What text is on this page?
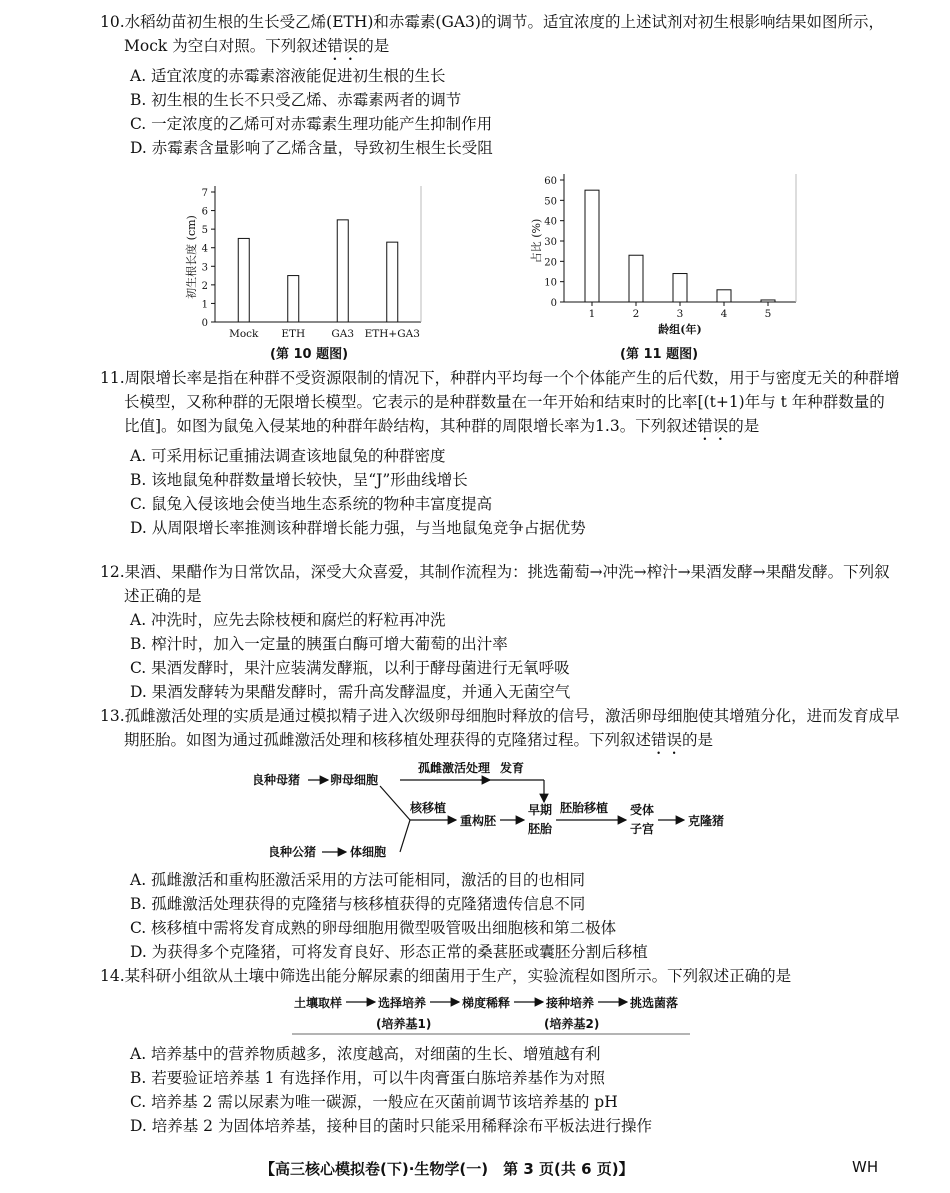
10.水稻幼苗初生根的生长受乙烯(ETH)和赤霉素(GA3)的调节。适宜浓度的上述试剂对初生根影响结果如图所示，Mock 为空白对照。下列叙述错误的是
A. 适宜浓度的赤霉素溶液能促进初生根的生长
B. 初生根的生长不只受乙烯、赤霉素两者的调节
C. 一定浓度的乙烯可对赤霉素生理功能产生抑制作用
D. 赤霉素含量影响了乙烯含量，导致初生根生长受阻
0
1
2
3
4
5
6
7
Mock ETH	GA3 ETH+GA3
初生根长度 (cm)
(第 10 题图)
0
10
20
30
40
50
60
1	2	3	4	5
占比 (%)
龄组(年)
(第 11 题图)
11.周限增长率是指在种群不受资源限制的情况下，种群内平均每一个个体能产生的后代数，用于与密度无关的种群增长模型，又称种群的无限增长模型。它表示的是种群数量在一年开始和结束时的比率[(t+1)年与 t 年种群数量的比值]。如图为鼠兔入侵某地的种群年龄结构，其种群的周限增长率为1.3。下列叙述错误的是
A. 可采用标记重捕法调查该地鼠兔的种群密度
B. 该地鼠兔种群数量增长较快，呈“J”形曲线增长
C. 鼠兔入侵该地会使当地生态系统的物种丰富度提高
D. 从周限增长率推测该种群增长能力强，与当地鼠兔竞争占据优势
12.果酒、果醋作为日常饮品，深受大众喜爱，其制作流程为：挑选葡萄→冲洗→榨汁→果酒发酵→果醋发酵。下列叙述正确的是
A. 冲洗时，应先去除枝梗和腐烂的籽粒再冲洗
B. 榨汁时，加入一定量的胰蛋白酶可增大葡萄的出汁率
C. 果酒发酵时，果汁应装满发酵瓶，以利于酵母菌进行无氧呼吸
D. 果酒发酵转为果醋发酵时，需升高发酵温度，并通入无菌空气
13.孤雌激活处理的实质是通过模拟精子进入次级卵母细胞时释放的信号，激活卵母细胞使其增殖分化，进而发育成早期胚胎。如图为通过孤雌激活处理和核移植处理获得的克隆猪过程。下列叙述错误的是
良种母猪 卵母细胞
孤雌激活处理 发育
核移植
重构胚
早期
胚胎
胚胎移植 受体
子宫
克隆猪
良种公猪	体细胞
A. 孤雌激活和重构胚激活采用的方法可能相同，激活的目的也相同
B. 孤雌激活处理获得的克隆猪与核移植获得的克隆猪遗传信息不同
C. 核移植中需将发育成熟的卵母细胞用微型吸管吸出细胞核和第二极体
D. 为获得多个克隆猪，可将发育良好、形态正常的桑葚胚或囊胚分割后移植
14.某科研小组欲从土壤中筛选出能分解尿素的细菌用于生产，实验流程如图所示。下列叙述正确的是
土壤取样	选择培养	梯度稀释	接种培养	挑选菌落
(培养基1)	(培养基2)
A. 培养基中的营养物质越多，浓度越高，对细菌的生长、增殖越有利
B. 若要验证培养基 1 有选择作用，可以牛肉膏蛋白胨培养基作为对照
C. 培养基 2 需以尿素为唯一碳源，一般应在灭菌前调节该培养基的 pH
D. 培养基 2 为固体培养基，接种目的菌时只能采用稀释涂布平板法进行操作
【高三核心模拟卷(下)·生物学(一)　第 3 页(共 6 页)】	WH
